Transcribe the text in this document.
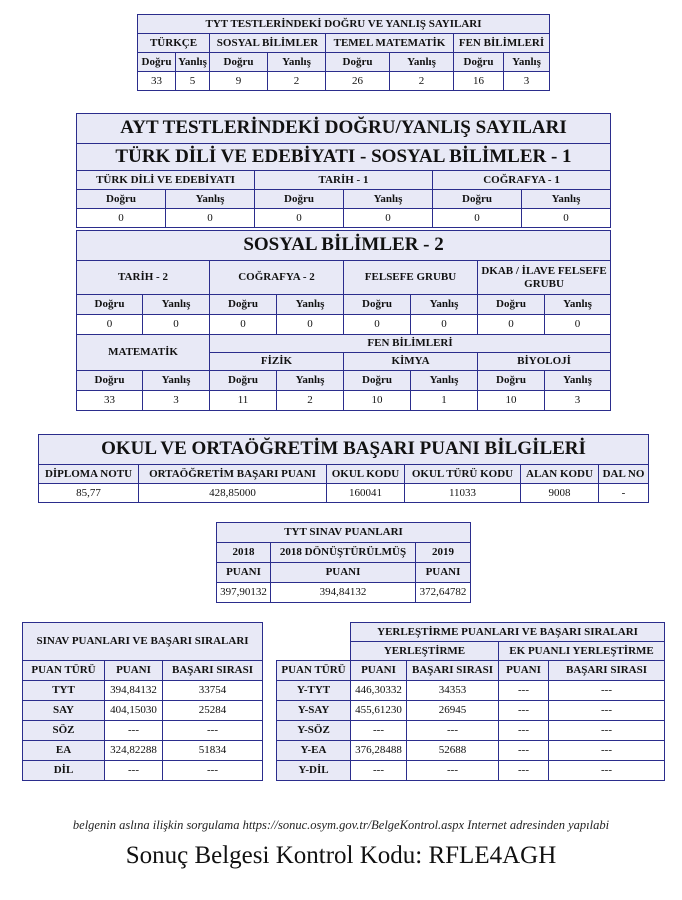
TYT TESTLERİNDEKİ DOĞRU VE YANLIŞ SAYILARI							
TÜRKÇE		SOSYAL BİLİMLER		TEMEL MATEMATİK		FEN BİLİMLERİ	
Doğru	Yanlış	Doğru	Yanlış	Doğru	Yanlış	Doğru	Yanlış
33	5	9	2	26	2	16	3
AYT TESTLERİNDEKİ DOĞRU/YANLIŞ SAYILARI
TÜRK DİLİ VE EDEBİYATI - SOSYAL BİLİMLER - 1
TÜRK DİLİ VE EDEBİYATI		TARİH - 1		COĞRAFYA - 1	
Doğru	Yanlış	Doğru	Yanlış	Doğru	Yanlış
0	0	0	0	0	0
SOSYAL BİLİMLER - 2							
TARİH - 2		COĞRAFYA - 2		FELSEFE GRUBU		DKAB / İLAVE FELSEFE GRUBU	
Doğru	Yanlış	Doğru	Yanlış	Doğru	Yanlış	Doğru	Yanlış
0	0	0	0	0	0	0	0
MATEMATİK		FEN BİLİMLERİ					
		FİZİK		KİMYA		BİYOLOJİ	
Doğru	Yanlış	Doğru	Yanlış	Doğru	Yanlış	Doğru	Yanlış
33	3	11	2	10	1	10	3
OKUL VE ORTAÖĞRETİM BAŞARI PUANI BİLGİLERİ					
DİPLOMA NOTU	ORTAÖĞRETİM BAŞARI PUANI	OKUL KODU	OKUL TÜRÜ KODU	ALAN KODU	DAL NO
85,77	428,85000	160041	11033	9008	-
TYT SINAV PUANLARI		
2018	2018 DÖNÜŞTÜRÜLMÜŞ	2019
PUANI	PUANI	PUANI
397,90132	394,84132	372,64782
SINAV PUANLARI VE BAŞARI SIRALARI		
PUAN TÜRÜ	PUANI	BAŞARI SIRASI
TYT	394,84132	33754
SAY	404,15030	25284
SÖZ	---	---
EA	324,82288	51834
DİL	---	---
	YERLEŞTİRME PUANLARI VE BAŞARI SIRALARI			
	YERLEŞTİRME		EK PUANLI YERLEŞTİRME	
PUAN TÜRÜ	PUANI	BAŞARI SIRASI	PUANI	BAŞARI SIRASI
Y-TYT	446,30332	34353	---	---
Y-SAY	455,61230	26945	---	---
Y-SÖZ	---	---	---	---
Y-EA	376,28488	52688	---	---
Y-DİL	---	---	---	---
belgenin aslına ilişkin sorgulama https://sonuc.osym.gov.tr/BelgeKontrol.aspx Internet adresinden yapılabi
Sonuç Belgesi Kontrol Kodu: RFLE4AGH
